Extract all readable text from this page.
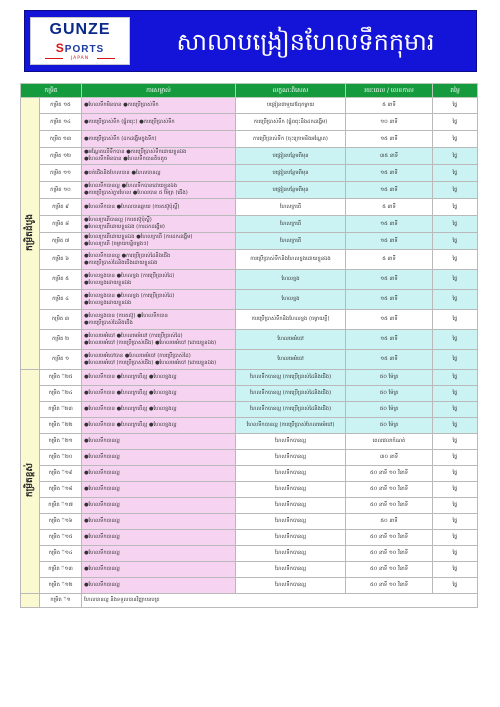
GUNZE
SPORTS
JAPAN
សាលាបង្រៀនហែលទឹកកុមារ
កម្រិត		ការសម្គាល់	លក្ខណៈពិសេស	រយៈពេល / លេខកាល	តម្លៃ
កម្រិតដំបូង	កម្រិត ១៥	●ហែលទឹកមិនបាន ●ការប្រើប្រាស់ទឹក	បង្រៀនជាមួយឪពុកម្តាយ	៥ នាទី	ថ្លៃ
	កម្រិត ១៤	●ការប្រើប្រាស់ទឹក (ផ្លុំពពុះ) ●ការប្រើប្រាស់ទឹក	ការប្រើប្រាស់ទឹក (ផ្លុំពពុះនិងដកដង្ហើម)	១០ នាទី	ថ្លៃ
	កម្រិត ១៣	●ការប្រើប្រាស់ទឹក (ដកដង្ហើមក្នុងទឹក)	ការប្រើប្រាស់ទឹក (ចុះក្រោមនិងអណ្តែត)	១៥ នាទី	ថ្លៃ
	កម្រិត ១២	●អណ្តែតលើទឹកបាន ●ការប្រើប្រាស់ទឹកដោយខ្លួនឯង
●ហែលទឹកមិនបាន ●ហែលទឹកបានតិចតួច	បង្រៀនបន្ថែមពីមុន	៣៥ នាទី	ថ្លៃ
	កម្រិត ១១	●បត់ជើងនិងហែលបាន ●ហែលបានល្អ	បង្រៀនបន្ថែមពីមុន	១៥ នាទី	ថ្លៃ
	កម្រិត ១០	●ហែលទឹកបានល្អ ●ហែលទឹកបានដោយខ្លួនឯង
●ការប្រើប្រាស់ក្តារហែល ●ហែលបាន ៥ ម៉ែត្រ (ជើង)	បង្រៀនបន្ថែមពីមុន	១៥ នាទី	ថ្លៃ
	កម្រិត ៩	●ហែលទឹកបាន ●ហែលបានឆ្ងាយ (ការតស៊ូប៉ុស្តិ៍)	ហែលក្រពើ	៥ នាទី	ថ្លៃ
	កម្រិត ៨	●ហែលក្រពើបានល្អ (ការតស៊ូប៉ុស្តិ៍)
●ហែលក្រពើដោយខ្លួនឯង (ការដកដង្ហើម)	ហែលក្រពើ	១៥ នាទី	ថ្លៃ
	កម្រិត ៧	●ហែលក្រពើដោយខ្លួនឯង ●ហែលក្រពើ (ការដកដង្ហើម)
●ហែលក្រពើ (ចម្ងាយបន្តិចម្តងៗ)	ហែលក្រពើ	១៥ នាទី	ថ្លៃ
	កម្រិត ៦	●ហែលទឹកបានល្អ ●ការប្រើប្រាស់ដៃនិងជើង
●ការប្រើប្រាស់ដៃនិងជើងដោយខ្លួនឯង	ការប្រើប្រាស់ទឹកនិងហែលខ្នងដោយខ្លួនឯង	៥ នាទី	ថ្លៃ
	កម្រិត ៥	●ហែលខ្នងបាន ●ហែលខ្នង (ការប្រើប្រាស់ដៃ)
●ហែលខ្នងដោយខ្លួនឯង	ហែលខ្នង	១៥ នាទី	ថ្លៃ
	កម្រិត ៤	●ហែលខ្នងបាន ●ហែលខ្នង (ការប្រើប្រាស់ដៃ)
●ហែលខ្នងដោយខ្លួនឯង	ហែលខ្នង	១៥ នាទី	ថ្លៃ
	កម្រិត ៣	●ហែលខ្នងបាន (ការតស៊ូ) ●ហែលទឹកបាន
●ការប្រើប្រាស់ដៃនិងជើង	ការប្រើប្រាស់ទឹកនិងហែលខ្នង (ចម្ងាយខ្លី)	១៥ នាទី	ថ្លៃ
	កម្រិត ២	●ហែលមេអំបៅ ●ហែលមេអំបៅ (ការប្រើប្រាស់ដៃ)
●ហែលមេអំបៅ (ការប្រើប្រាស់ជើង) ●ហែលមេអំបៅ (ដោយខ្លួនឯង)	ហែលមេអំបៅ	១៥ នាទី	ថ្លៃ
	កម្រិត ១	●ហែលមេអំបៅបាន ●ហែលមេអំបៅ (ការប្រើប្រាស់ដៃ)
●ហែលមេអំបៅ (ការប្រើប្រាស់ជើង) ●ហែលមេអំបៅ (ដោយខ្លួនឯង)	ហែលមេអំបៅ	១៥ នាទី	ថ្លៃ
កម្រិតខ្ពស់	កម្រិត ៊២៥	●ហែលទឹកបាន ●ហែលក្រពើល្អ ●ហែលខ្នងល្អ	ហែលទឹកបានល្អ (ការប្រើប្រាស់ដៃនិងជើង)	៥០ ម៉ែត្រ	ថ្លៃ
	កម្រិត ៊២៤	●ហែលទឹកបាន ●ហែលក្រពើល្អ ●ហែលខ្នងល្អ	ហែលទឹកបានល្អ (ការប្រើប្រាស់ដៃនិងជើង)	៥០ ម៉ែត្រ	ថ្លៃ
	កម្រិត ៊២៣	●ហែលទឹកបាន ●ហែលក្រពើល្អ ●ហែលខ្នងល្អ	ហែលទឹកបានល្អ (ការប្រើប្រាស់ដៃនិងជើង)	៥០ ម៉ែត្រ	ថ្លៃ
	កម្រិត ៊២២	●ហែលទឹកបាន ●ហែលក្រពើល្អ ●ហែលខ្នងល្អ	ហែលទឹកបានល្អ (ការប្រើប្រាស់ហែលមេអំបៅ)	៥០ ម៉ែត្រ	ថ្លៃ
	កម្រិត ៊២១	●ហែលទឹកបានល្អ	ហែលទឹកបានល្អ	ពេលវេលាកំណត់	ថ្លៃ
	កម្រិត ៊២០	●ហែលទឹកបានល្អ	ហែលទឹកបានល្អ	៣០ នាទី	ថ្លៃ
	កម្រិត ៊១៩	●ហែលទឹកបានល្អ	ហែលទឹកបានល្អ	៥០ នាទី ១០ វិនាទី	ថ្លៃ
	កម្រិត ៊១៨	●ហែលទឹកបានល្អ	ហែលទឹកបានល្អ	៥០ នាទី ១០ វិនាទី	ថ្លៃ
	កម្រិត ៊១៧	●ហែលទឹកបានល្អ	ហែលទឹកបានល្អ	៥០ នាទី ១០ វិនាទី	ថ្លៃ
	កម្រិត ៊១៦	●ហែលទឹកបានល្អ	ហែលទឹកបានល្អ	៥០ នាទី	ថ្លៃ
	កម្រិត ៊១៥	●ហែលទឹកបានល្អ	ហែលទឹកបានល្អ	៥០ នាទី ១០ វិនាទី	ថ្លៃ
	កម្រិត ៊១៤	●ហែលទឹកបានល្អ	ហែលទឹកបានល្អ	៥០ នាទី ១០ វិនាទី	ថ្លៃ
	កម្រិត ៊១៣	●ហែលទឹកបានល្អ	ហែលទឹកបានល្អ	៥០ នាទី ១០ វិនាទី	ថ្លៃ
	កម្រិត ៊១២	●ហែលទឹកបានល្អ	ហែលទឹកបានល្អ	៥០ នាទី ១០ វិនាទី	ថ្លៃ
	កម្រិត ៊១	ហែលបានល្អ និងទទួលបានវិញ្ញាបនបត្រ			
